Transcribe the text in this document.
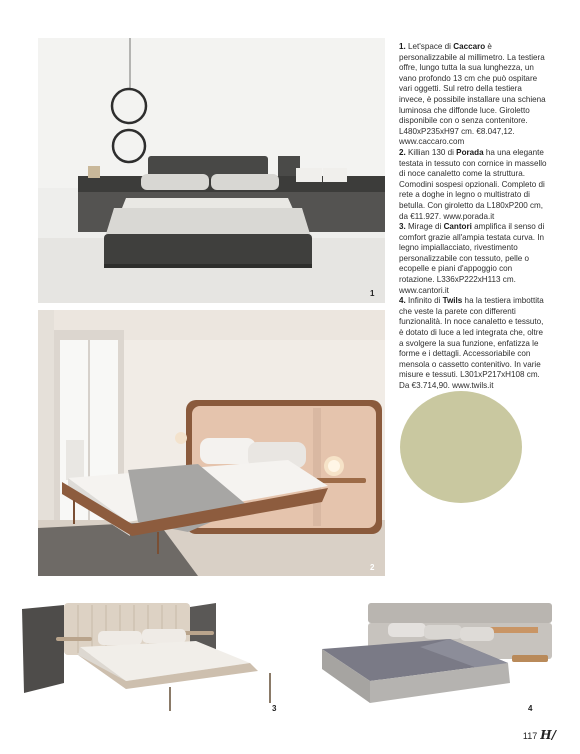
1
2
3	4

1. Let'space di Caccaro è personalizzabile al millimetro. La testiera offre, lungo tutta la sua lunghezza, un vano profondo 13 cm che può ospitare vari oggetti. Sul retro della testiera invece, è possibile installare una schiena luminosa che diffonde luce. Giroletto disponibile con o senza contenitore. L480xP235xH97 cm. €8.047,12. www.caccaro.com

2. Killian 130 di Porada ha una elegante testata in tessuto con cornice in massello di noce canaletto come la struttura. Comodini sospesi opzionali. Completo di rete a doghe in legno o multistrato di betulla. Con giroletto da L180xP200 cm, da €11.927. www.porada.it

3. Mirage di Cantori amplifica il senso di comfort grazie all'ampia testata curva. In legno impiallacciato, rivestimento personalizzabile con tessuto, pelle o ecopelle e piani d'appoggio con rotazione. L336xP222xH113 cm. www.cantori.it

4. Infinito di Twils ha la testiera imbottita che veste la parete con differenti funzionalità. In noce canaletto e tessuto, è dotato di luce a led integrata che, oltre a svolgere la sua funzione, enfatizza le forme e i dettagli. Accessoriabile con mensola o cassetto contenitivo. In varie misure e tessuti. L301xP217xH108 cm. Da €3.714,90. www.twils.it

117 H/
